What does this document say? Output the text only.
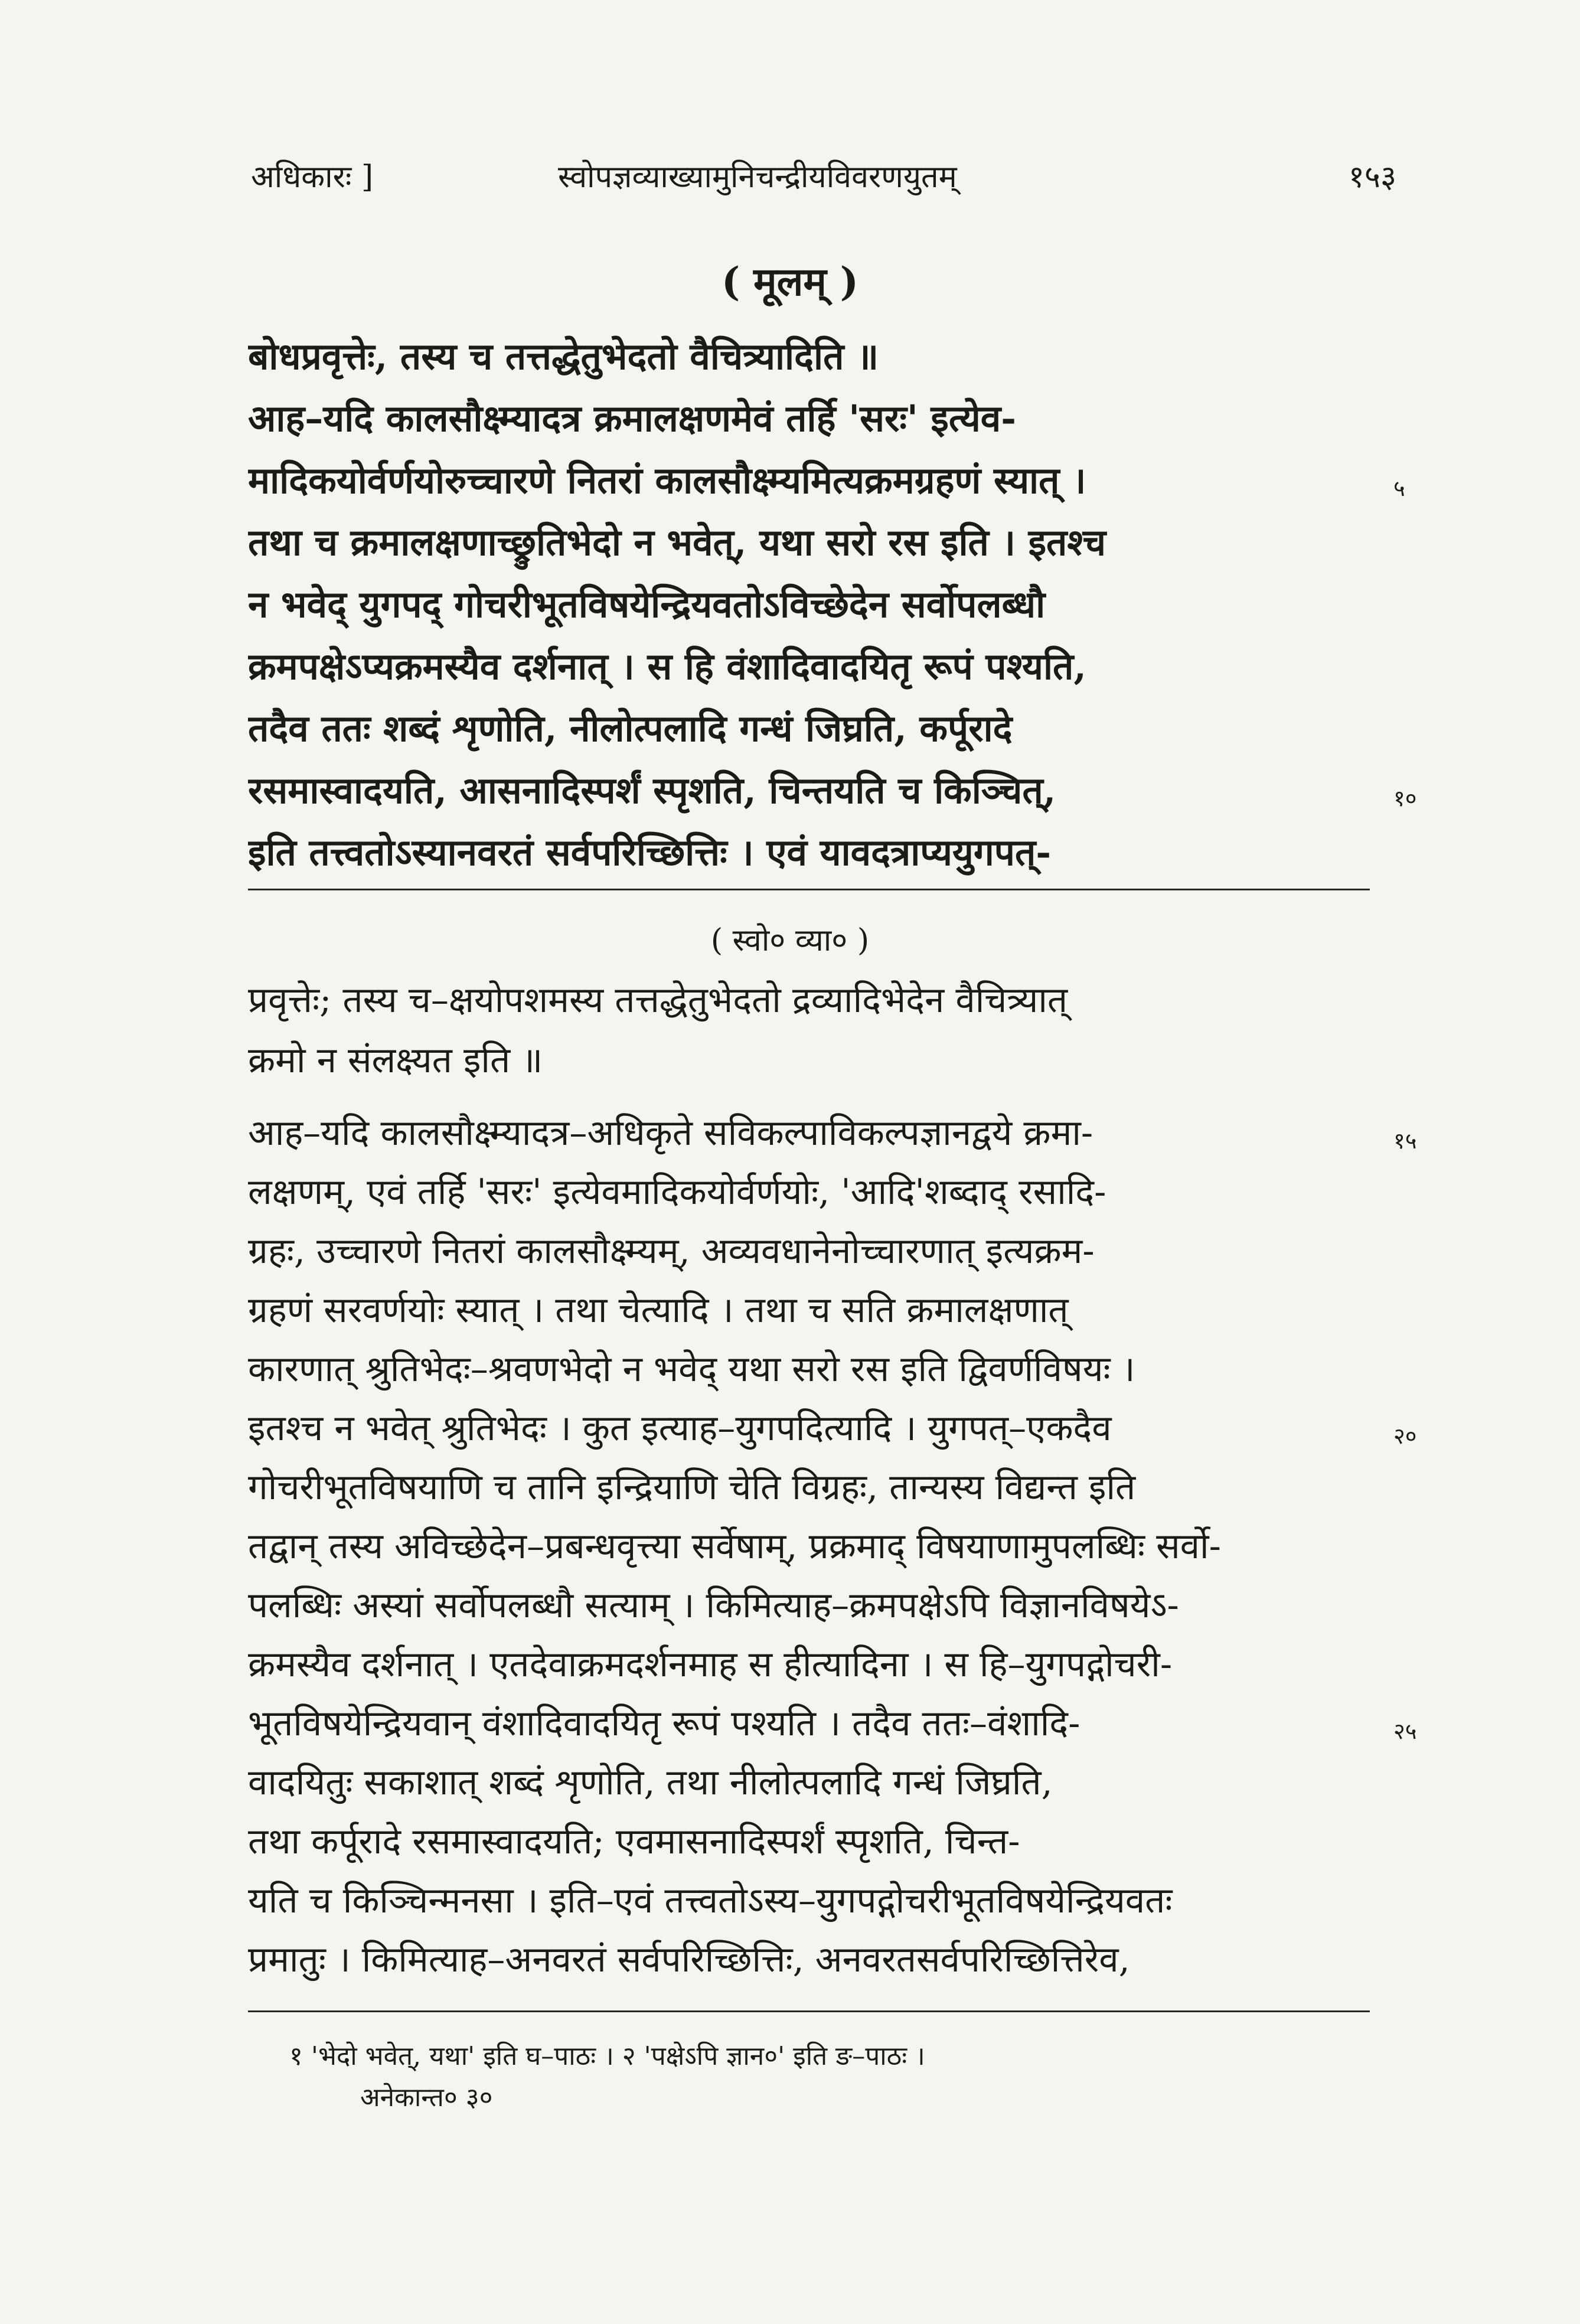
अधिकारः ]	स्वोपज्ञव्याख्यामुनिचन्द्रीयविवरणयुतम्	१५३
( मूलम् )
बोधप्रवृत्तेः, तस्य च तत्तद्धेतुभेदतो वैचित्र्यादिति ॥
आह–यदि कालसौक्ष्म्यादत्र क्रमालक्षणमेवं तर्हि 'सरः' इत्येव-
मादिकयोर्वर्णयोरुच्चारणे नितरां कालसौक्ष्म्यमित्यक्रमग्रहणं स्यात् ।
तथा च क्रमालक्षणाच्छ्रुतिभेदो न भवेत्, यथा सरो रस इति । इतश्च
न भवेद् युगपद् गोचरीभूतविषयेन्द्रियवतोऽविच्छेदेन सर्वोपलब्धौ
क्रमपक्षेऽप्यक्रमस्यैव दर्शनात् । स हि वंशादिवादयितृ रूपं पश्यति,
तदैव ततः शब्दं शृणोति, नीलोत्पलादि गन्धं जिघ्रति, कर्पूरादे
रसमास्वादयति, आसनादिस्पर्शं स्पृशति, चिन्तयति च किञ्चित्,
इति तत्त्वतोऽस्यानवरतं सर्वपरिच्छित्तिः । एवं यावदत्राप्ययुगपत्-
५
१०
( स्वो० व्या० )
प्रवृत्तेः; तस्य च–क्षयोपशमस्य तत्तद्धेतुभेदतो द्रव्यादिभेदेन वैचित्र्यात्
क्रमो न संलक्ष्यत इति ॥
आह–यदि कालसौक्ष्म्यादत्र–अधिकृते सविकल्पाविकल्पज्ञानद्वये क्रमा-
लक्षणम्, एवं तर्हि 'सरः' इत्येवमादिकयोर्वर्णयोः, 'आदि'शब्दाद् रसादि-
ग्रहः, उच्चारणे नितरां कालसौक्ष्म्यम्, अव्यवधानेनोच्चारणात् इत्यक्रम-
ग्रहणं सरवर्णयोः स्यात् । तथा चेत्यादि । तथा च सति क्रमालक्षणात्
कारणात् श्रुतिभेदः–श्रवणभेदो न भवेद् यथा सरो रस इति द्विवर्णविषयः ।
इतश्च न भवेत् श्रुतिभेदः । कुत इत्याह–युगपदित्यादि । युगपत्–एकदैव
गोचरीभूतविषयाणि च तानि इन्द्रियाणि चेति विग्रहः, तान्यस्य विद्यन्त इति
तद्वान् तस्य अविच्छेदेन–प्रबन्धवृत्त्या सर्वेषाम्, प्रक्रमाद् विषयाणामुपलब्धिः सर्वो-
पलब्धिः अस्यां सर्वोपलब्धौ सत्याम् । किमित्याह–क्रमपक्षेऽपि विज्ञानविषयेऽ-
क्रमस्यैव दर्शनात् । एतदेवाक्रमदर्शनमाह स हीत्यादिना । स हि–युगपद्गोचरी-
भूतविषयेन्द्रियवान् वंशादिवादयितृ रूपं पश्यति । तदैव ततः–वंशादि-
वादयितुः सकाशात् शब्दं शृणोति, तथा नीलोत्पलादि गन्धं जिघ्रति,
तथा कर्पूरादे रसमास्वादयति; एवमासनादिस्पर्शं स्पृशति, चिन्त-
यति च किञ्चिन्मनसा । इति–एवं तत्त्वतोऽस्य–युगपद्गोचरीभूतविषयेन्द्रियवतः
प्रमातुः । किमित्याह–अनवरतं सर्वपरिच्छित्तिः, अनवरतसर्वपरिच्छित्तिरेव,
१५
२०
२५
१ 'भेदो भवेत्, यथा' इति घ–पाठः । २ 'पक्षेऽपि ज्ञान०' इति ङ–पाठः ।
अनेकान्त० ३०
